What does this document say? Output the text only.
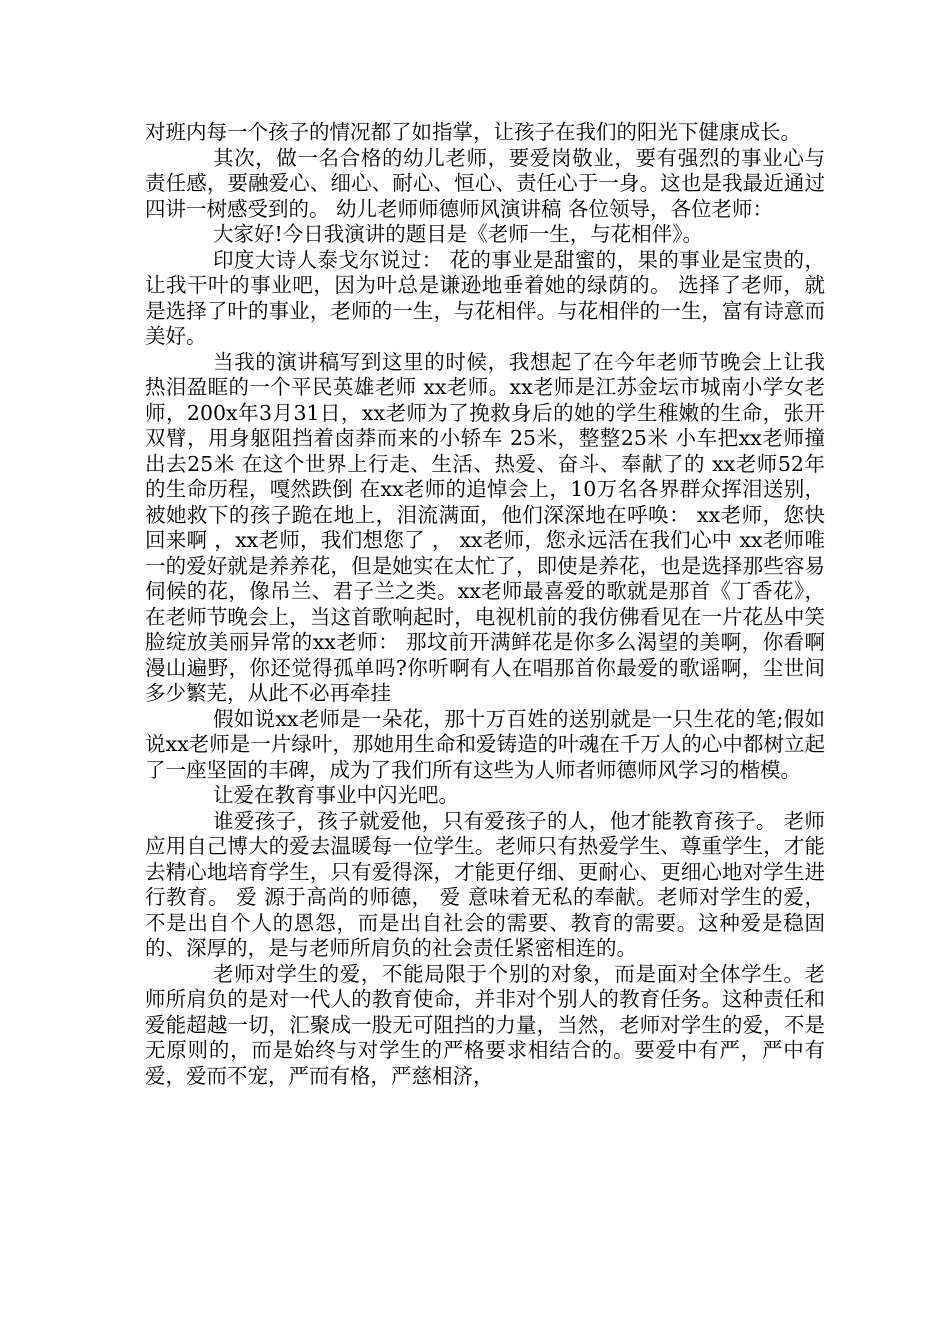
对班内每一个孩子的情况都了如指掌，让孩子在我们的阳光下健康成长。

其次，做一名合格的幼儿老师，要爱岗敬业，要有强烈的事业心与责任感，要融爱心、细心、耐心、恒心、责任心于一身。这也是我最近通过四讲一树感受到的。 幼儿老师师德师风演讲稿 各位领导，各位老师：

大家好!今日我演讲的题目是《老师一生，与花相伴》。

印度大诗人泰戈尔说过： 花的事业是甜蜜的，果的事业是宝贵的，让我干叶的事业吧，因为叶总是谦逊地垂着她的绿荫的。 选择了老师，就是选择了叶的事业，老师的一生，与花相伴。与花相伴的一生，富有诗意而美好。

当我的演讲稿写到这里的时候，我想起了在今年老师节晚会上让我热泪盈眶的一个平民英雄老师 xx老师。xx老师是江苏金坛市城南小学女老师，200x年3月31日，xx老师为了挽救身后的她的学生稚嫩的生命，张开双臂，用身躯阻挡着卤莽而来的小轿车 25米，整整25米 小车把xx老师撞出去25米 在这个世界上行走、生活、热爱、奋斗、奉献了的 xx老师52年的生命历程，嘎然跌倒 在xx老师的追悼会上，10万名各界群众挥泪送别，被她救下的孩子跪在地上，泪流满面，他们深深地在呼唤： xx老师，您快回来啊 ，xx老师，我们想您了 ， xx老师，您永远活在我们心中 xx老师唯一的爱好就是养养花，但是她实在太忙了，即使是养花，也是选择那些容易伺候的花，像吊兰、君子兰之类。xx老师最喜爱的歌就是那首《丁香花》，在老师节晚会上，当这首歌响起时，电视机前的我仿佛看见在一片花丛中笑脸绽放美丽异常的xx老师： 那坟前开满鲜花是你多么渴望的美啊，你看啊漫山遍野，你还觉得孤单吗?你听啊有人在唱那首你最爱的歌谣啊，尘世间多少繁芜，从此不必再牵挂

假如说xx老师是一朵花，那十万百姓的送别就是一只生花的笔;假如说xx老师是一片绿叶，那她用生命和爱铸造的叶魂在千万人的心中都树立起了一座坚固的丰碑，成为了我们所有这些为人师者师德师风学习的楷模。

让爱在教育事业中闪光吧。

谁爱孩子，孩子就爱他，只有爱孩子的人，他才能教育孩子。 老师应用自己博大的爱去温暖每一位学生。老师只有热爱学生、尊重学生，才能去精心地培育学生，只有爱得深，才能更仔细、更耐心、更细心地对学生进行教育。 爱 源于高尚的师德， 爱 意味着无私的奉献。老师对学生的爱，不是出自个人的恩怨，而是出自社会的需要、教育的需要。这种爱是稳固的、深厚的，是与老师所肩负的社会责任紧密相连的。

老师对学生的爱，不能局限于个别的对象，而是面对全体学生。老师所肩负的是对一代人的教育使命，并非对个别人的教育任务。这种责任和爱能超越一切，汇聚成一股无可阻挡的力量，当然，老师对学生的爱，不是无原则的，而是始终与对学生的严格要求相结合的。要爱中有严，严中有爱，爱而不宠，严而有格，严慈相济，
